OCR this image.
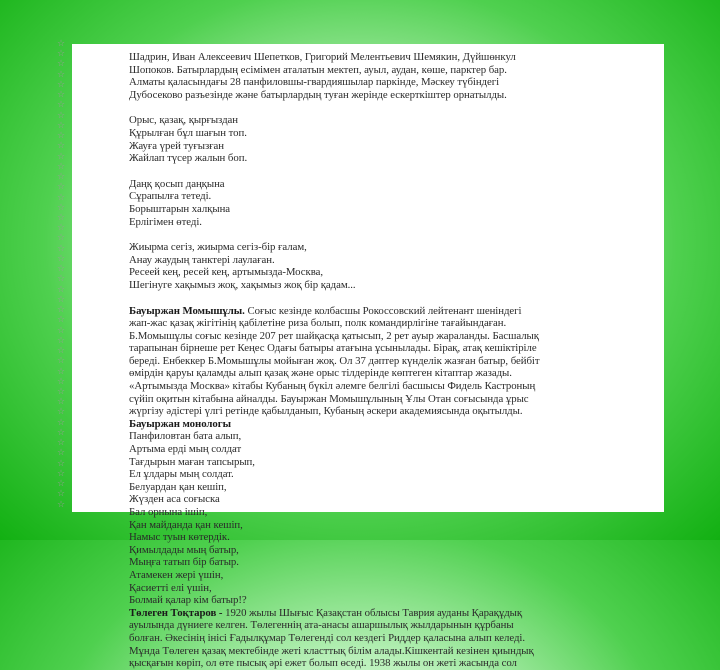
☆
☆
☆
☆
☆
☆
☆
☆
☆
☆
☆
☆
☆
☆
☆
☆
☆
☆
☆
☆
☆
☆
☆
☆
☆
☆
☆
☆
☆
☆
☆
☆
☆
☆
☆
☆
☆
☆
☆
☆
☆
☆
☆
☆
☆
☆
Шадрин, Иван Алексеевич Шепетков, Григорий Мелентьевич Шемякин, Дүйшөнкул
Шопоков. Батырлардың есімімен аталатын мектеп, ауыл, аудан, көше, парктер бар.
Алматы қаласындағы 28 панфиловшы-гвардияшылар паркінде, Мәскеу түбіндегі
Дубосеково разъезінде және батырлардың туған жерінде ескерткіштер орнатылды.
Орыс, қазақ, қырғыздан
Құрылған бұл шағын топ.
Жауға үрей туғызған
Жайлап түсер жалын боп.
Даңқ қосып даңқына
Сұрапылға тетеді.
Борыштарын халқына
Ерлігімен өтеді.
Жиырма сегіз, жиырма сегіз-бір ғалам,
Анау жаудың танктері лаулаған.
Ресеей кең, ресей кең, артымызда-Москва,
Шегінуге хақымыз жоқ, хақымыз жоқ бір қадам...
Бауыржан Момышұлы. Соғыс кезінде колбасшы Рокоссовский лейтенант шеніндегі
жап-жас қазақ жігітінің қабілетіне риза болып, полк командирлігіне тағайындаған.
Б.Момышұлы соғыс кезінде 207 рет шайқасқа қатысып, 2 рет ауыр жараланды. Басшалық
тарапынан бірнеше рет Кеңес Одағы батыры атағына ұсынылады. Бірақ, атақ кешіктіріле
береді. Енбеккер Б.Момышұлы мойыған жоқ. Ол 37 дәптер күнделік жазған батыр, бейбіт
өмірдін қаруы қаламды алып қазақ және орыс тілдерінде көптеген кітаптар жазады.
«Артымызда Москва» кітабы Кубаның бүкіл әлемге белгілі басшысы Фидель Кастроның
сүйіп оқитын кітабына айналды. Бауыржан Момышұлының Ұлы Отан соғысында ұрыс
жүргізу әдістері үлгі ретінде қабылданып, Кубаның әскери академиясында оқытылды.
Бауыржан монологы
Панфиловтан бата алып,
Артыма ерді мың солдат
Тағдырын маған тапсырып,
Ел ұлдары мың солдат.
Белуардан қан кешіп,
Жүзден аса соғыска
Бал орнына ішіп,
Қан майданда қан кешіп,
Намыс туын көтердік.
Қимылдады мың батыр,
Мыңға татып бір батыр.
Атамекен жері үшін,
Қасиетті елі үшін,
Болмай қалар кім батыр!?
Төлеген Тоқтаров - 1920 жылы Шығыс Қазақстан облысы Таврия ауданы Қарақұдық
ауылында дүниеге келген. Төлегеннің ата-анасы ашаршылық жылдарынын құрбаны
болған. Әкесінің інісі Ғадылқұмар Төлегенді сол кездегі Риддер қаласына алып келеді.
Мұнда Төлеген қазақ мектебінде жеті класттық білім алады.Кішкентай кезінен қиындық
қысқағын көріп, ол өте пысық әрі ежет болып өседі. 1938 жылы он жеті жасында сол
